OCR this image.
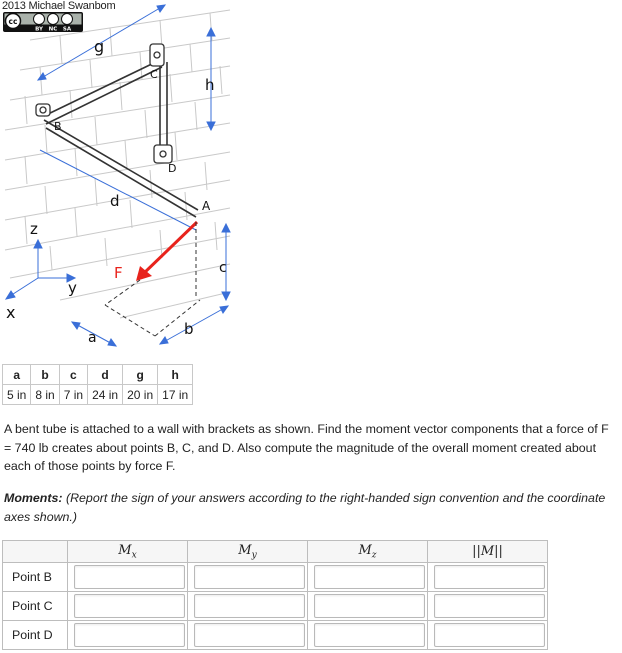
g
h
B
C
D
d	A
F	c
a	b
z
y
x
2013 Michael Swanbom
cc
BY NC SA
a	b	c	d	g	h
5 in	8 in	7 in	24 in	20 in	17 in
A bent tube is attached to a wall with brackets as shown. Find the moment vector components that a force of F = 740 lb creates about points B, C, and D. Also compute the magnitude of the overall moment created about each of those points by force F.
Moments: (Report the sign of your answers according to the right-handed sign convention and the coordinate axes shown.)
	$M_x$	$M_y$	$M_z$	||M||
Point B	

Point C	

Point D	
